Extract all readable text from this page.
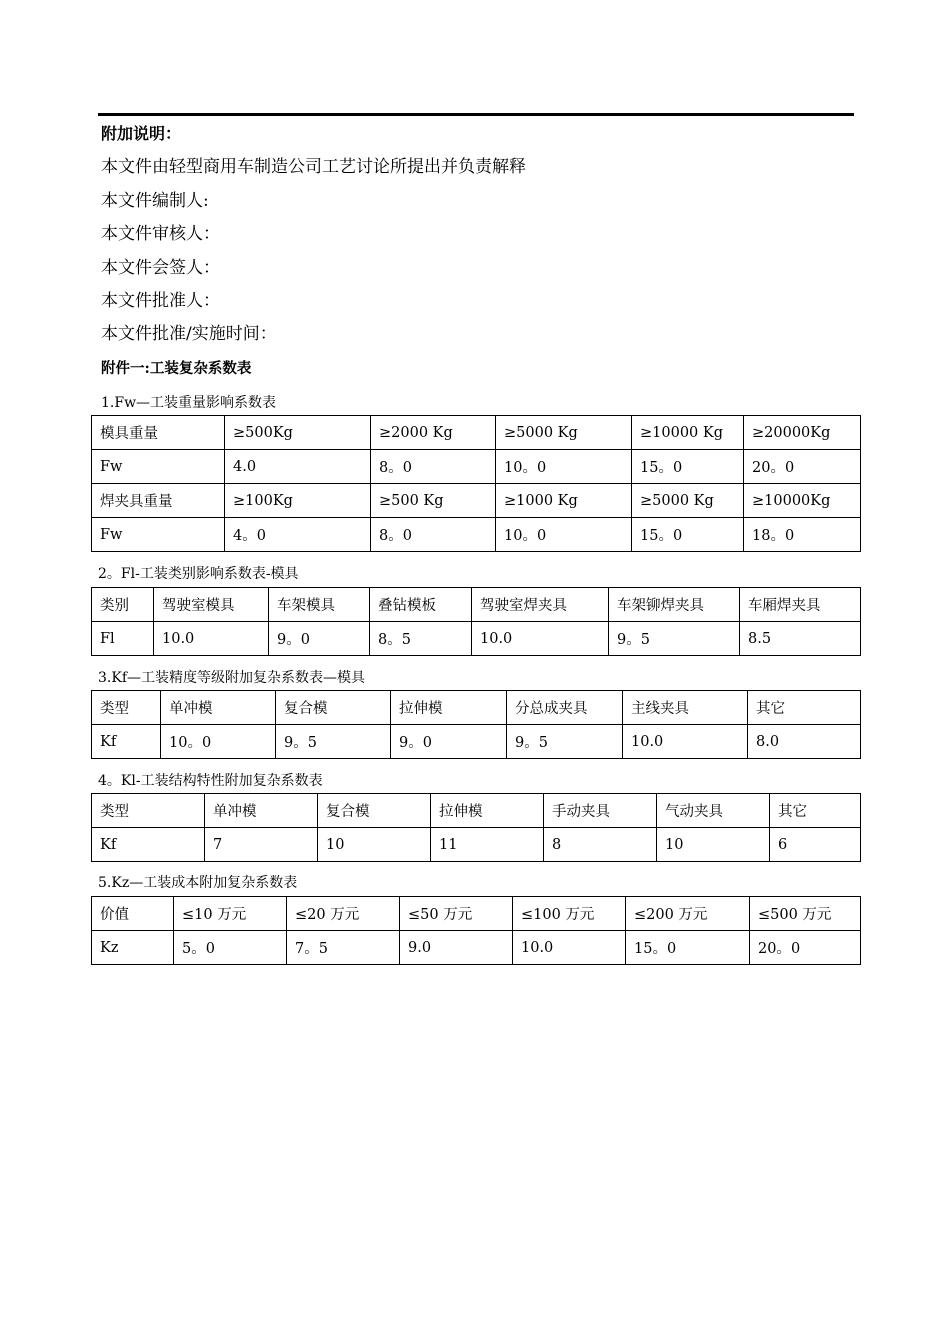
附加说明：
本文件由轻型商用车制造公司工艺讨论所提出并负责解释
本文件编制人:
本文件审核人：
本文件会签人：
本文件批准人：
本文件批准/实施时间：
附件一:工装复杂系数表
1.Fw—工装重量影响系数表
模具重量	≥500Kg	≥2000 Kg	≥5000 Kg	≥10000 Kg	≥20000Kg
Fw	4.0	8。0	10。0	15。0	20。0
焊夹具重量	≥100Kg	≥500 Kg	≥1000 Kg	≥5000 Kg	≥10000Kg
Fw	4。0	8。0	10。0	15。0	18。0
2。Fl-工装类别影响系数表-模具
类别	驾驶室模具	车架模具	叠钻模板	驾驶室焊夹具	车架铆焊夹具	车厢焊夹具
Fl	10.0	9。0	8。5	10.0	9。5	8.5
3.Kf—工装精度等级附加复杂系数表—模具
类型	单冲模	复合模	拉伸模	分总成夹具	主线夹具	其它
Kf	10。0	9。5	9。0	9。5	10.0	8.0
4。Kl-工装结构特性附加复杂系数表
类型	单冲模	复合模	拉伸模	手动夹具	气动夹具	其它
Kf	7	10	11	8	10	6
5.Kz—工装成本附加复杂系数表
价值	≤10 万元	≤20 万元	≤50 万元	≤100 万元	≤200 万元	≤500 万元
Kz	5。0	7。5	9.0	10.0	15。0	20。0
